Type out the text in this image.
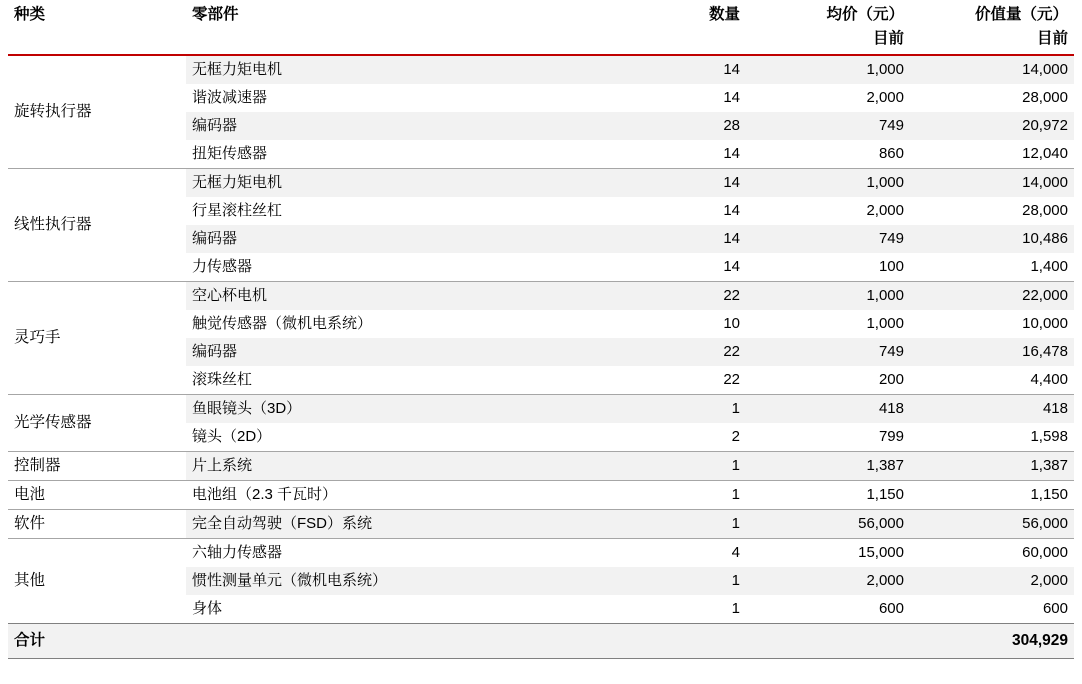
种类	零部件	数量	均价（元）	价值量（元）
			目前	目前

旋转执行器	无框力矩电机	14	1,000	14,000
	谐波减速器	14	2,000	28,000
	编码器	28	749	20,972
	扭矩传感器	14	860	12,040
线性执行器	无框力矩电机	14	1,000	14,000
	行星滚柱丝杠	14	2,000	28,000
	编码器	14	749	10,486
	力传感器	14	100	1,400
灵巧手	空心杯电机	22	1,000	22,000
	触觉传感器（微机电系统）	10	1,000	10,000
	编码器	22	749	16,478
	滚珠丝杠	22	200	4,400
光学传感器	鱼眼镜头（3D）	1	418	418
	镜头（2D）	2	799	1,598
控制器	片上系统	1	1,387	1,387
电池	电池组（2.3 千瓦时）	1	1,150	1,150
软件	完全自动驾驶（FSD）系统	1	56,000	56,000
其他	六轴力传感器	4	15,000	60,000
	惯性测量单元（微机电系统）	1	2,000	2,000
	身体	1	600	600
合计				304,929
